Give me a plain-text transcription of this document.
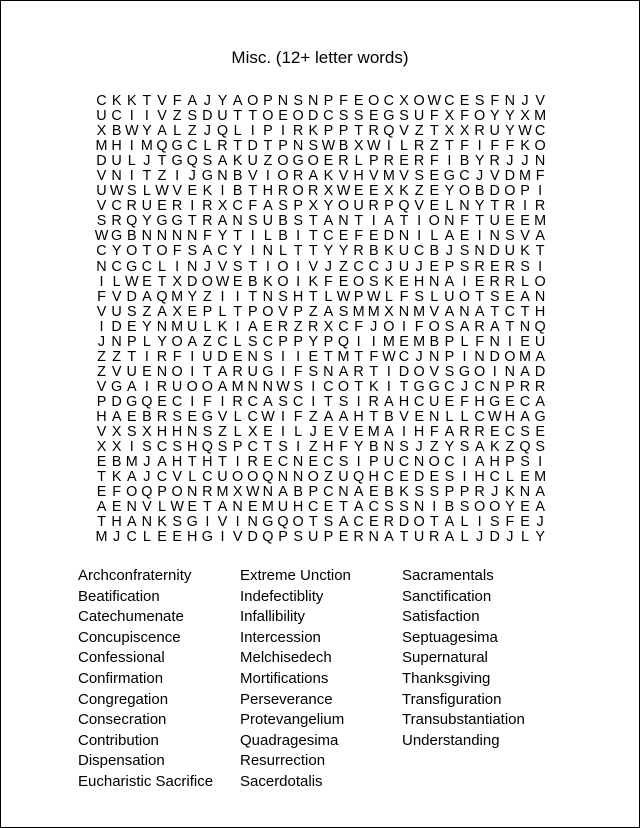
Misc. (12+ letter words)
C K K T V F A J Y A O P N S N P F E O C X O W C E S F N J V
U C I I V Z S D U T T O E O D C S S E G S U F X F O Y Y X M
X B W Y A L Z J Q L I P I R K P P T R Q V Z T X X R U Y W C
M H I M Q G C L R T D T P N S W B X W I L R Z T F I F F K O
D U L J T G Q S A K U Z O G O E R L P R E R F I B Y R J J N
V N I T Z I J G N B V I O R A K V H V M V S E G C J V D M F
U W S L W V E K I B T H R O R X W E E X K Z E Y O B D O P I
V C R U E R I R X C F A S P X Y O U R P Q V E L N Y T R I R
S R Q Y G G T R A N S U B S T A N T I A T I O N F T U E E M
W G B N N N N F Y T I L B I T C E F E D N I L A E I N S V A
C Y O T O F S A C Y I N L T T Y Y R B K U C B J S N D U K T
N C G C L I N J V S T I O I V J Z C C J U J E P S R E R S I
I L W E T X D O W E B K O I K F E O S K E H N A I E R R L O
F V D A Q M Y Z I I T N S H T L W P W L F S L U O T S E A N
V U S Z A X E P L T P O V P Z A S M M X N M V A N A T C T H
I D E Y N M U L K I A E R Z R X C F J O I F O S A R A T N Q
J N P L Y O A Z C L S C P P Y P Q I I M E M B P L F N I E U
Z Z T I R F I U D E N S I I E T M T F W C J N P I N D O M A
Z V U E N O I T A R U G I F S N A R T I D O V S G O I N A D
V G A I R U O O A M N N W S I C O T K I T G G C J C N P R R
P D G Q E C I F I R C A S C I T S I R A H C U E F H G E C A
H A E B R S E G V L C W I F Z A A H T B V E N L L C W H A G
V X S X H H N S Z L X E I L J E V E M A I H F A R R E C S E
X X I S C S H Q S P C T S I Z H F Y B N S J Z Y S A K Z Q S
E B M J A H T H T I R E C N E C S I P U C N O C I A H P S I
T K A J C V L C U O O Q N N O Z U Q H C E D E S I H C L E M
E F O Q P O N R M X W N A B P C N A E B K S S P P R J K N A
A E N V L W E T A N E M U H C E T A C S S N I B S O O Y E A
T H A N K S G I V I N G Q O T S A C E R D O T A L I S F E J
M J C L E E H G I V D Q P S U P E R N A T U R A L J D J L Y
Archconfraternity
Beatification
Catechumenate
Concupiscence
Confessional
Confirmation
Congregation
Consecration
Contribution
Dispensation
Eucharistic Sacrifice
Extreme Unction
Indefectiblity
Infallibility
Intercession
Melchisedech
Mortifications
Perseverance
Protevangelium
Quadragesima
Resurrection
Sacerdotalis
Sacramentals
Sanctification
Satisfaction
Septuagesima
Supernatural
Thanksgiving
Transfiguration
Transubstantiation
Understanding
